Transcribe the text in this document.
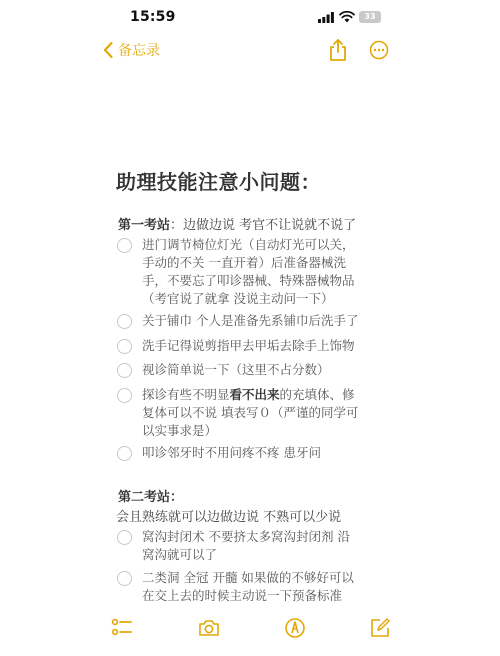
15:59	33
备忘录
助理技能注意小问题：
第一考站：边做边说 考官不让说就不说了
进门调节椅位灯光（自动灯光可以关，
手动的不关 一直开着）后准备器械洗
手，不要忘了叩诊器械、特殊器械物品
（考官说了就拿 没说主动问一下）
关于铺巾 个人是准备先系铺巾后洗手了
洗手记得说剪指甲去甲垢去除手上饰物
视诊简单说一下（这里不占分数）
探诊有些不明显看不出来的充填体、修
复体可以不说 填表写０（严谨的同学可
以实事求是）
叩诊邻牙时不用问疼不疼 患牙问
第二考站：
会且熟练就可以边做边说 不熟可以少说
窝沟封闭术 不要挤太多窝沟封闭剂 沿
窝沟就可以了
二类洞 全冠 开髓 如果做的不够好可以
在交上去的时候主动说一下预备标准
